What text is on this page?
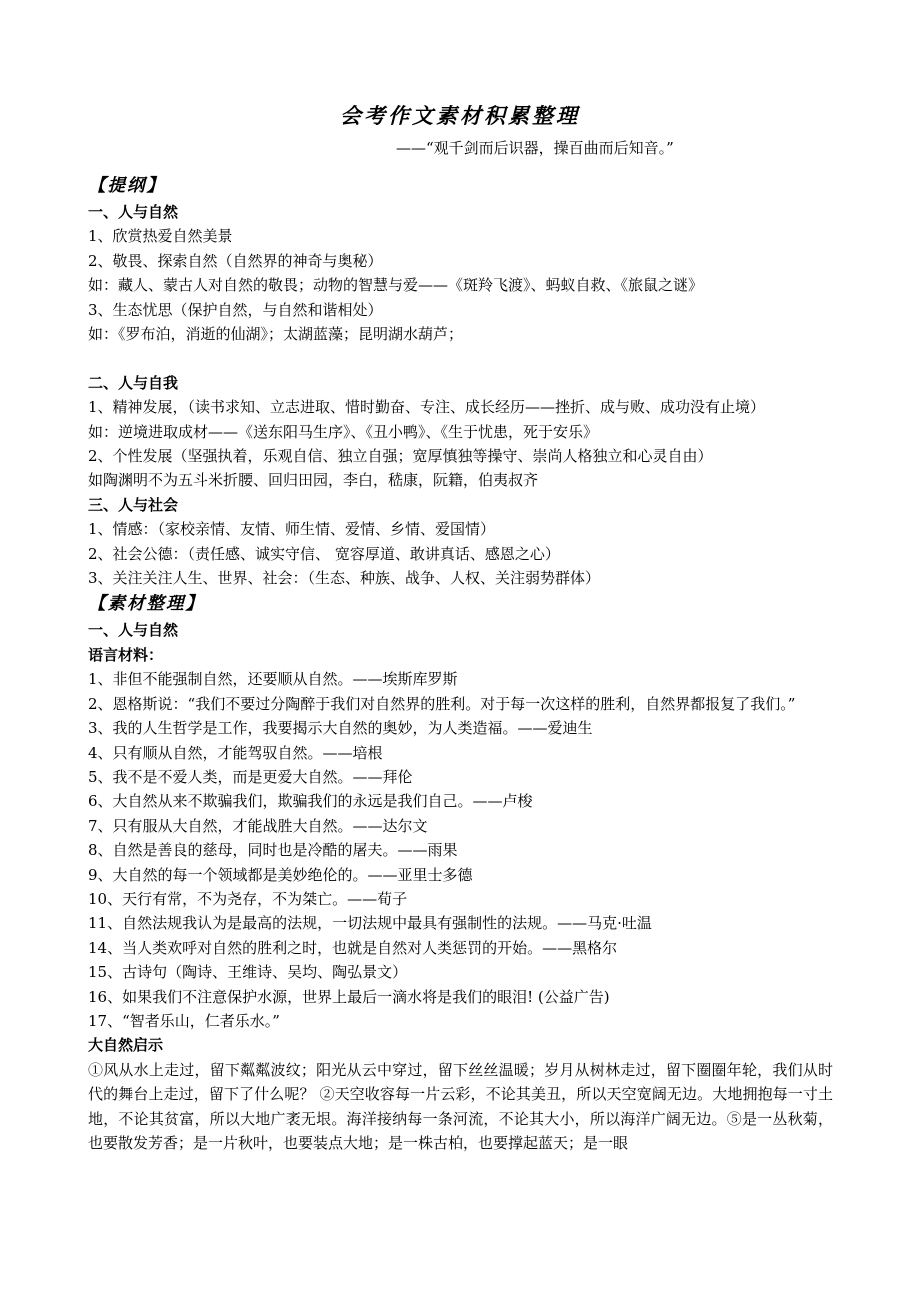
会考作文素材积累整理
——“观千剑而后识器，操百曲而后知音。”

【提纲】

一、人与自然

1、欣赏热爱自然美景

2、敬畏、探索自然（自然界的神奇与奥秘）

如：藏人、蒙古人对自然的敬畏；动物的智慧与爱——《斑羚飞渡》、蚂蚁自救、《旅鼠之谜》

3、生态忧思（保护自然，与自然和谐相处）

如：《罗布泊，消逝的仙湖》；太湖蓝藻；昆明湖水葫芦；

二、人与自我

1、精神发展，（读书求知、立志进取、惜时勤奋、专注、成长经历——挫折、成与败、成功没有止境）

如：逆境进取成材——《送东阳马生序》、《丑小鸭》、《生于忧患，死于安乐》

2、个性发展（坚强执着，乐观自信、独立自强；宽厚慎独等操守、崇尚人格独立和心灵自由）

如陶渊明不为五斗米折腰、回归田园，李白，嵇康，阮籍，伯夷叔齐

三、人与社会

1、情感：（家校亲情、友情、师生情、爱情、乡情、爱国情）

2、社会公德：（责任感、诚实守信、 宽容厚道、敢讲真话、感恩之心）

3、关注关注人生、世界、社会：（生态、种族、战争、人权、关注弱势群体）

【素材整理】

一、人与自然

语言材料：

1、非但不能强制自然，还要顺从自然。——埃斯库罗斯

2、恩格斯说：“我们不要过分陶醉于我们对自然界的胜利。对于每一次这样的胜利，自然界都报复了我们。”

3、我的人生哲学是工作，我要揭示大自然的奥妙，为人类造福。——爱迪生

4、只有顺从自然，才能驾驭自然。——培根

5、我不是不爱人类，而是更爱大自然。——拜伦

6、大自然从来不欺骗我们，欺骗我们的永远是我们自己。——卢梭

7、只有服从大自然，才能战胜大自然。——达尔文

8、自然是善良的慈母，同时也是冷酷的屠夫。——雨果

9、大自然的每一个领域都是美妙绝伦的。——亚里士多德

10、天行有常，不为尧存，不为桀亡。——荀子

11、自然法规我认为是最高的法规，一切法规中最具有强制性的法规。——马克·吐温

14、当人类欢呼对自然的胜利之时，也就是自然对人类惩罚的开始。——黑格尔

15、古诗句（陶诗、王维诗、吴均、陶弘景文）

16、如果我们不注意保护水源，世界上最后一滴水将是我们的眼泪! (公益广告)

17、“智者乐山，仁者乐水。”

大自然启示

①风从水上走过，留下粼粼波纹；阳光从云中穿过，留下丝丝温暖；岁月从树林走过，留下圈圈年轮，我们从时代的舞台上走过，留下了什么呢？ ②天空收容每一片云彩，不论其美丑，所以天空宽阔无边。大地拥抱每一寸土地，不论其贫富，所以大地广袤无垠。海洋接纳每一条河流，不论其大小，所以海洋广阔无边。⑤是一丛秋菊，也要散发芳香；是一片秋叶，也要装点大地；是一株古柏，也要撑起蓝天；是一眼
